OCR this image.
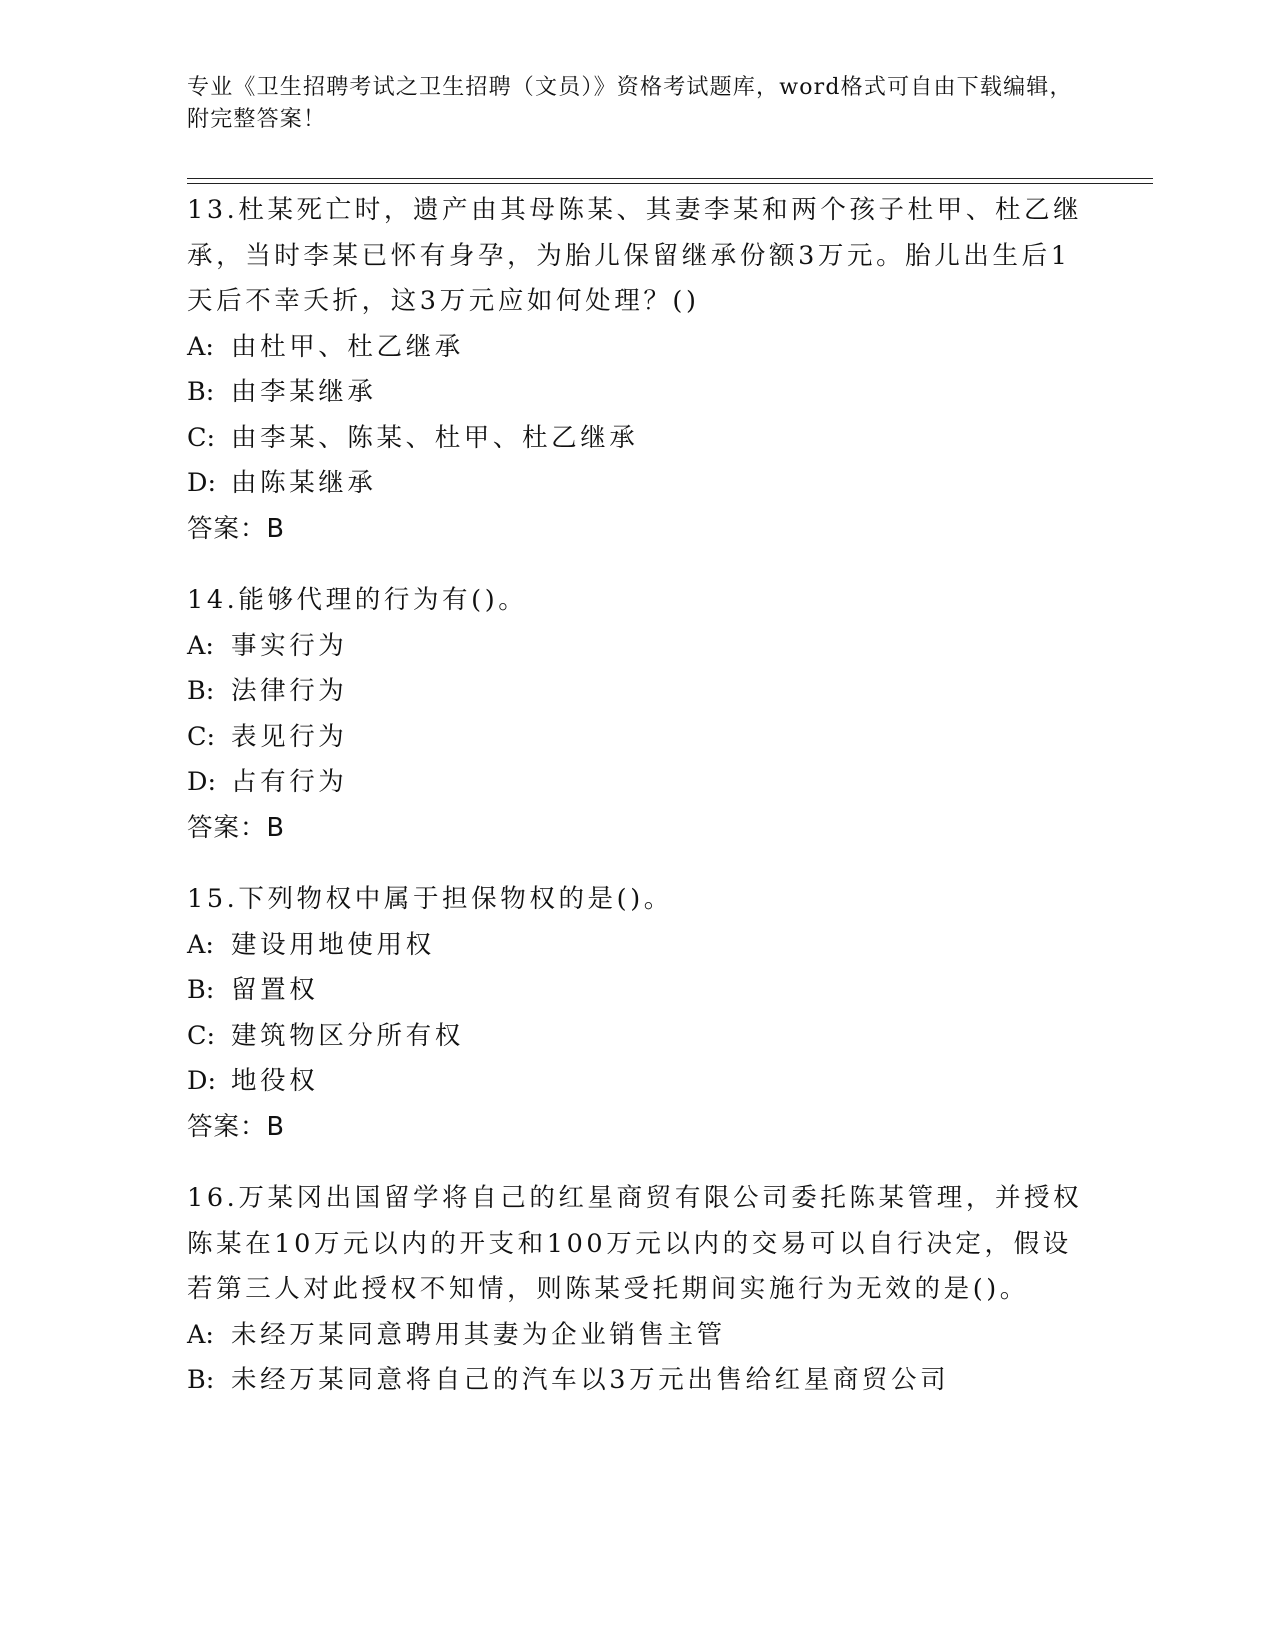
专业《卫生招聘考试之卫生招聘（文员）》资格考试题库，word格式可自由下载编辑，附完整答案！
13.杜某死亡时，遗产由其母陈某、其妻李某和两个孩子杜甲、杜乙继承，当时李某已怀有身孕，为胎儿保留继承份额3万元。胎儿出生后1天后不幸夭折，这3万元应如何处理？()
A: 由杜甲、杜乙继承
B: 由李某继承
C: 由李某、陈某、杜甲、杜乙继承
D: 由陈某继承
答案：B
14.能够代理的行为有()。
A: 事实行为
B: 法律行为
C: 表见行为
D: 占有行为
答案：B
15.下列物权中属于担保物权的是()。
A: 建设用地使用权
B: 留置权
C: 建筑物区分所有权
D: 地役权
答案：B
16.万某冈出国留学将自己的红星商贸有限公司委托陈某管理，并授权陈某在10万元以内的开支和100万元以内的交易可以自行决定，假设若第三人对此授权不知情，则陈某受托期间实施行为无效的是()。
A: 未经万某同意聘用其妻为企业销售主管
B: 未经万某同意将自己的汽车以3万元出售给红星商贸公司
